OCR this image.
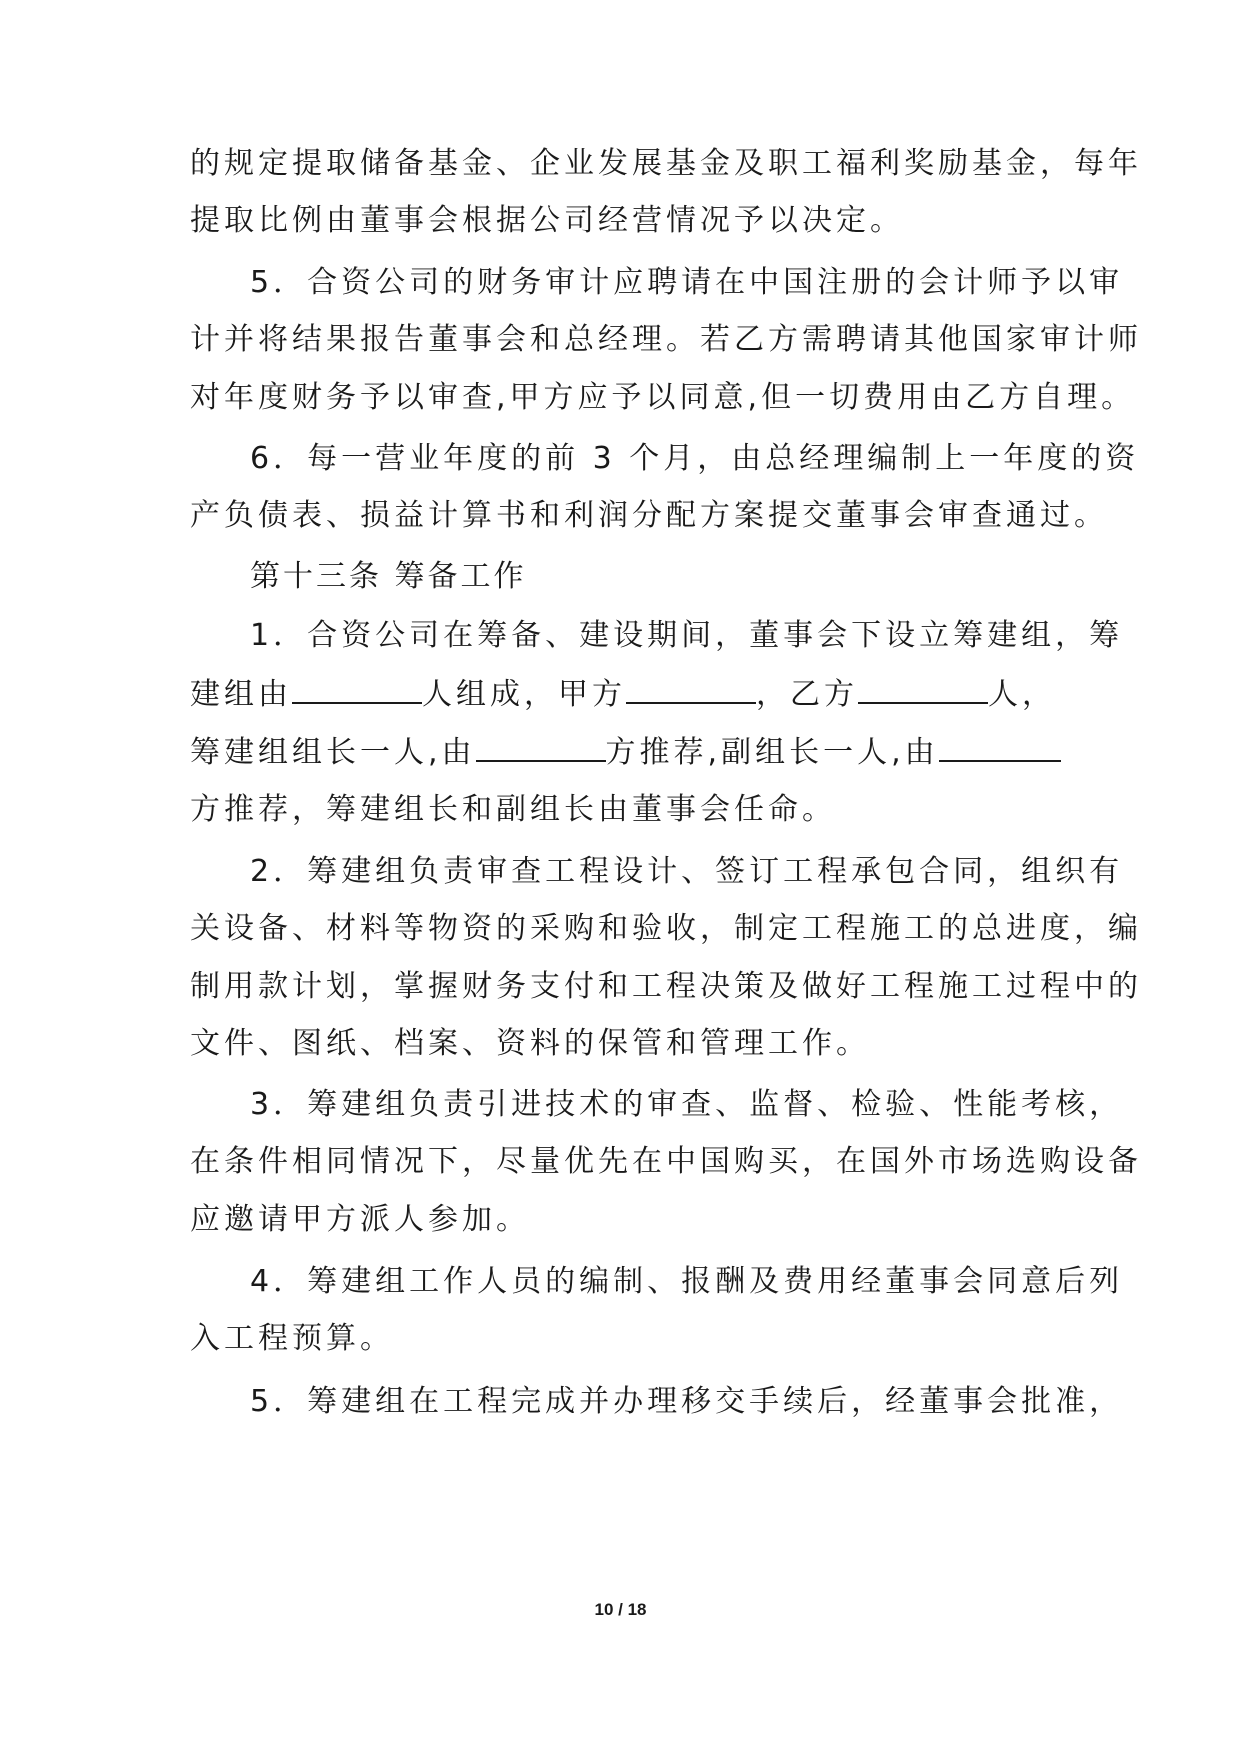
的规定提取储备基金、企业发展基金及职工福利奖励基金，每年
提取比例由董事会根据公司经营情况予以决定。
5．合资公司的财务审计应聘请在中国注册的会计师予以审
计并将结果报告董事会和总经理。若乙方需聘请其他国家审计师
对年度财务予以审查,甲方应予以同意,但一切费用由乙方自理。
6．每一营业年度的前 3 个月，由总经理编制上一年度的资
产负债表、损益计算书和利润分配方案提交董事会审查通过。
第十三条 筹备工作
1．合资公司在筹备、建设期间，董事会下设立筹建组，筹
建组由	人组成，甲方	，乙方	人，
筹建组组长一人,由	方推荐,副组长一人,由
方推荐，筹建组长和副组长由董事会任命。
2．筹建组负责审查工程设计、签订工程承包合同，组织有
关设备、材料等物资的采购和验收，制定工程施工的总进度，编
制用款计划，掌握财务支付和工程决策及做好工程施工过程中的
文件、图纸、档案、资料的保管和管理工作。
3．筹建组负责引进技术的审查、监督、检验、性能考核，
在条件相同情况下，尽量优先在中国购买，在国外市场选购设备
应邀请甲方派人参加。
4．筹建组工作人员的编制、报酬及费用经董事会同意后列
入工程预算。
5．筹建组在工程完成并办理移交手续后，经董事会批准，
10 / 18
